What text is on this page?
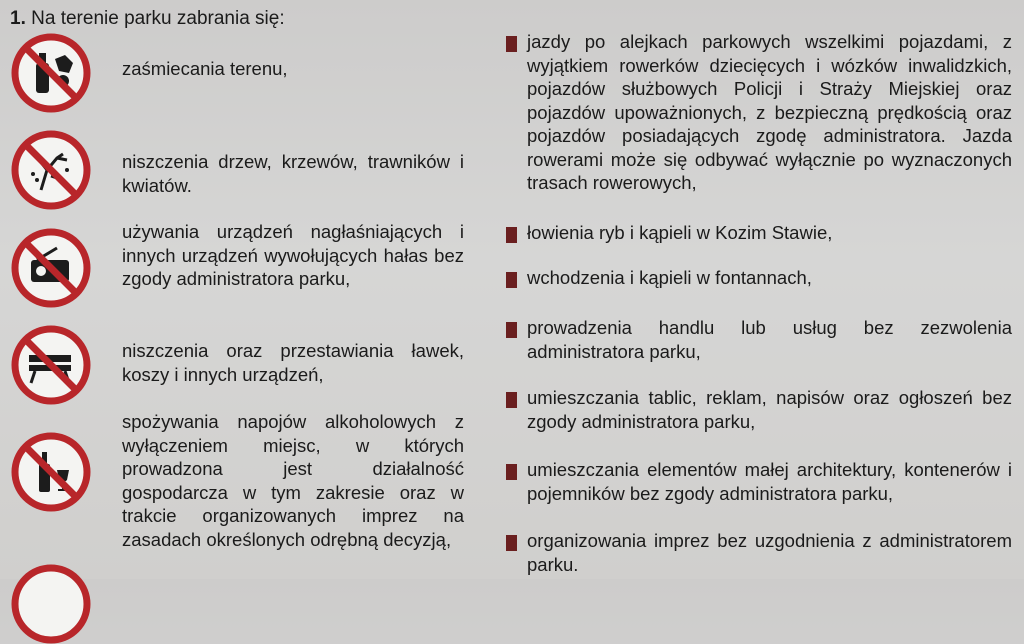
1. Na terenie parku zabrania się:
zaśmiecania terenu,
niszczenia drzew, krzewów, trawników i kwiatów.
używania urządzeń nagłaśniających i innych urządzeń wywołujących hałas bez zgody administratora parku,
niszczenia oraz przestawiania ławek, koszy i innych urządzeń,
spożywania napojów alkoholowych z wyłączeniem miejsc, w których prowadzona jest działalność gospodarcza w tym zakresie oraz w trakcie organizowanych imprez na zasadach określonych odrębną decyzją,
jazdy po alejkach parkowych wszelkimi pojazdami, z wyjątkiem rowerków dziecięcych i wózków inwalidzkich, pojazdów służbowych Policji i Straży Miejskiej oraz pojazdów upoważnionych, z bezpieczną prędkością oraz pojazdów posiadających zgodę administratora. Jazda rowerami może się odbywać wyłącznie po wyznaczonych trasach rowerowych,
łowienia ryb i kąpieli w Kozim Stawie,
wchodzenia i kąpieli w fontannach,
prowadzenia handlu lub usług bez zezwolenia administratora parku,
umieszczania tablic, reklam, napisów oraz ogłoszeń bez zgody administratora parku,
umieszczania elementów małej architektury, kontenerów i pojemników bez zgody administratora parku,
organizowania imprez bez uzgodnienia z administratorem parku.
